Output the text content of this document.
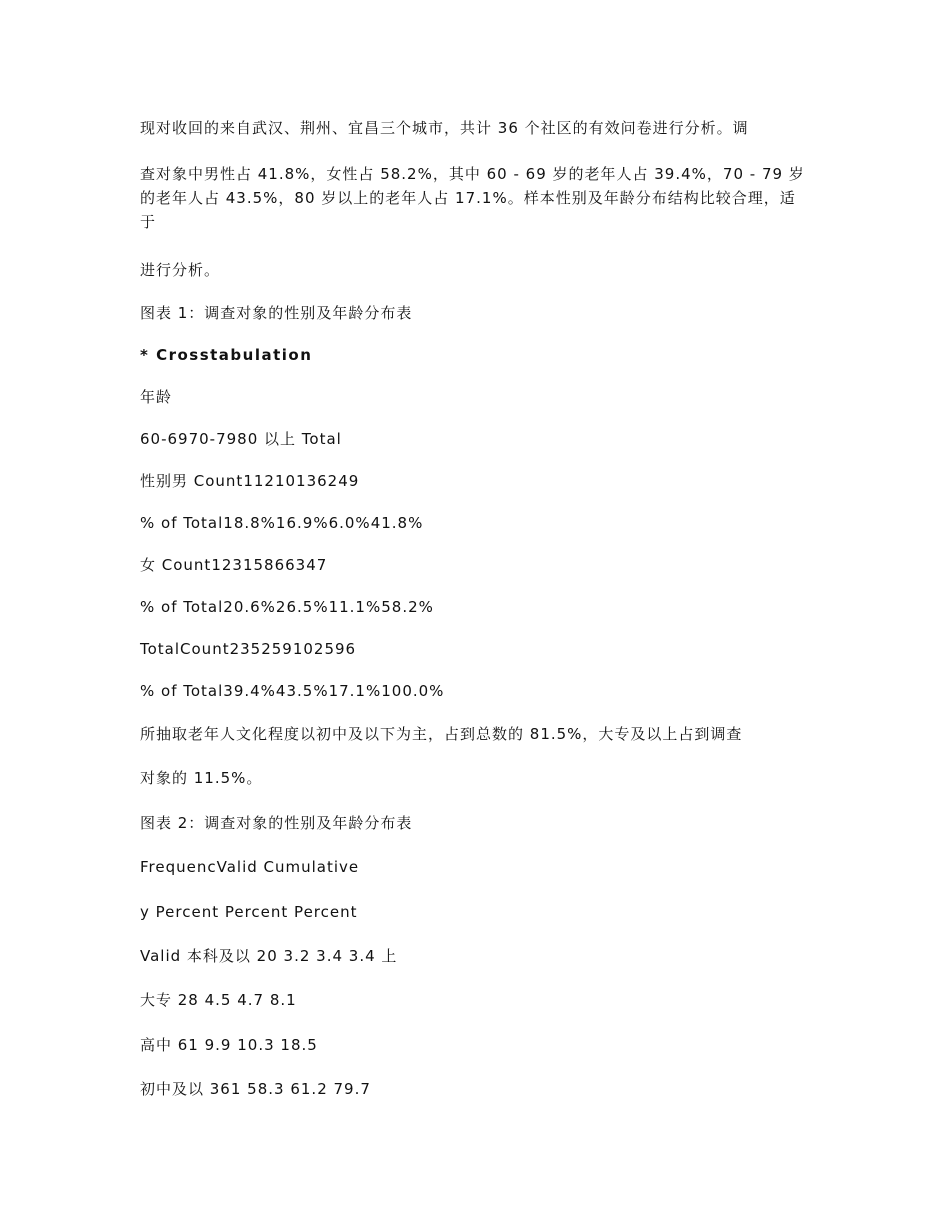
现对收回的来自武汉、荆州、宜昌三个城市，共计 36 个社区的有效问卷进行分析。调
查对象中男性占 41.8%，女性占 58.2%，其中 60 - 69 岁的老年人占 39.4%，70 - 79 岁的老年人占 43.5%，80 岁以上的老年人占 17.1%。样本性别及年龄分布结构比较合理，适于
进行分析。
图表 1：调查对象的性别及年龄分布表
* Crosstabulation
年龄
60-6970-7980 以上 Total
性别男 Count11210136249
% of Total18.8%16.9%6.0%41.8%
女 Count12315866347
% of Total20.6%26.5%11.1%58.2%
TotalCount235259102596
% of Total39.4%43.5%17.1%100.0%
所抽取老年人文化程度以初中及以下为主，占到总数的 81.5%，大专及以上占到调查
对象的 11.5%。
图表 2：调查对象的性别及年龄分布表
FrequencValid Cumulative
y Percent Percent Percent
Valid 本科及以 20 3.2 3.4 3.4 上
大专 28 4.5 4.7 8.1
高中 61 9.9 10.3 18.5
初中及以 361 58.3 61.2 79.7
